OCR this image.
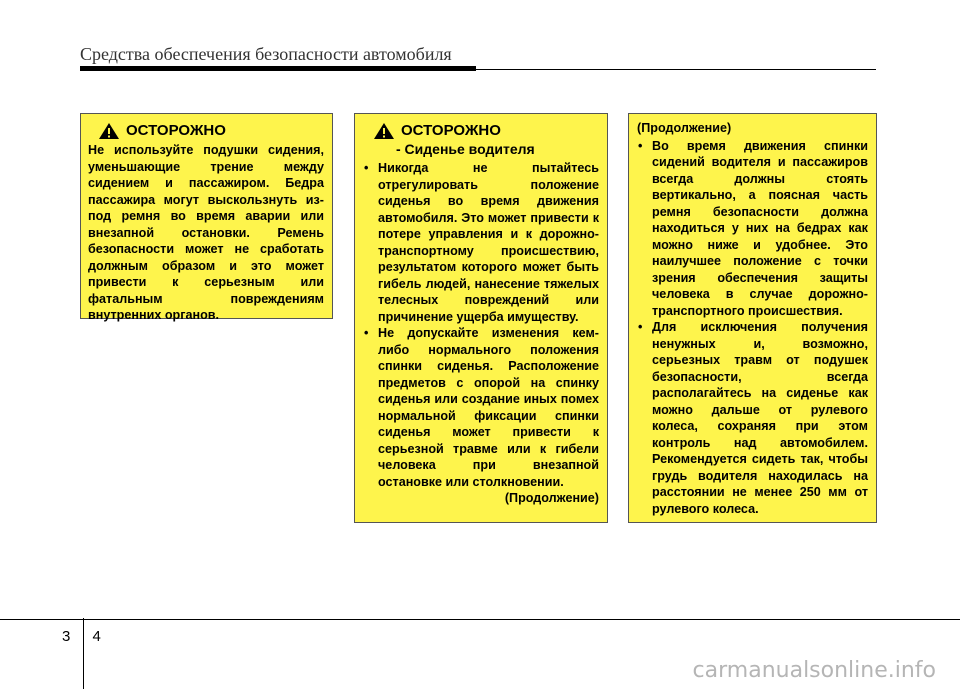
Средства обеспечения безопасности автомобиля
ОСТОРОЖНО
Не используйте подушки сидения, уменьшающие трение между сидением и пассажиром. Бедра пассажира могут выскользнуть из-под ремня во время аварии или внезапной остановки. Ремень безопасности может не сработать должным образом и это может привести к серьезным или фатальным повреждениям внутренних органов.
ОСТОРОЖНО
- Сиденье водителя
• Никогда не пытайтесь отрегулировать положение сиденья во время движения автомобиля. Это может привести к потере управления и к дорожно-транспортному происшествию, результатом которого может быть гибель людей, нанесение тяжелых телесных повреждений или причинение ущерба имуществу.
• Не допускайте изменения кем-либо нормального положения спинки сиденья. Расположение предметов с опорой на спинку сиденья или создание иных помех нормальной фиксации спинки сиденья может привести к серьезной травме или к гибели человека при внезапной остановке или столкновении.
(Продолжение)
(Продолжение)
• Во время движения спинки сидений водителя и пассажиров всегда должны стоять вертикально, а поясная часть ремня безопасности должна находиться у них на бедрах как можно ниже и удобнее. Это наилучшее положение с точки зрения обеспечения защиты человека в случае дорожно-транспортного происшествия.
• Для исключения получения ненужных и, возможно, серьезных травм от подушек безопасности, всегда располагайтесь на сиденье как можно дальше от рулевого колеса, сохраняя при этом контроль над автомобилем. Рекомендуется сидеть так, чтобы грудь водителя находилась на расстоянии не менее 250 мм от рулевого колеса.
3 4
carmanualsonline.info
